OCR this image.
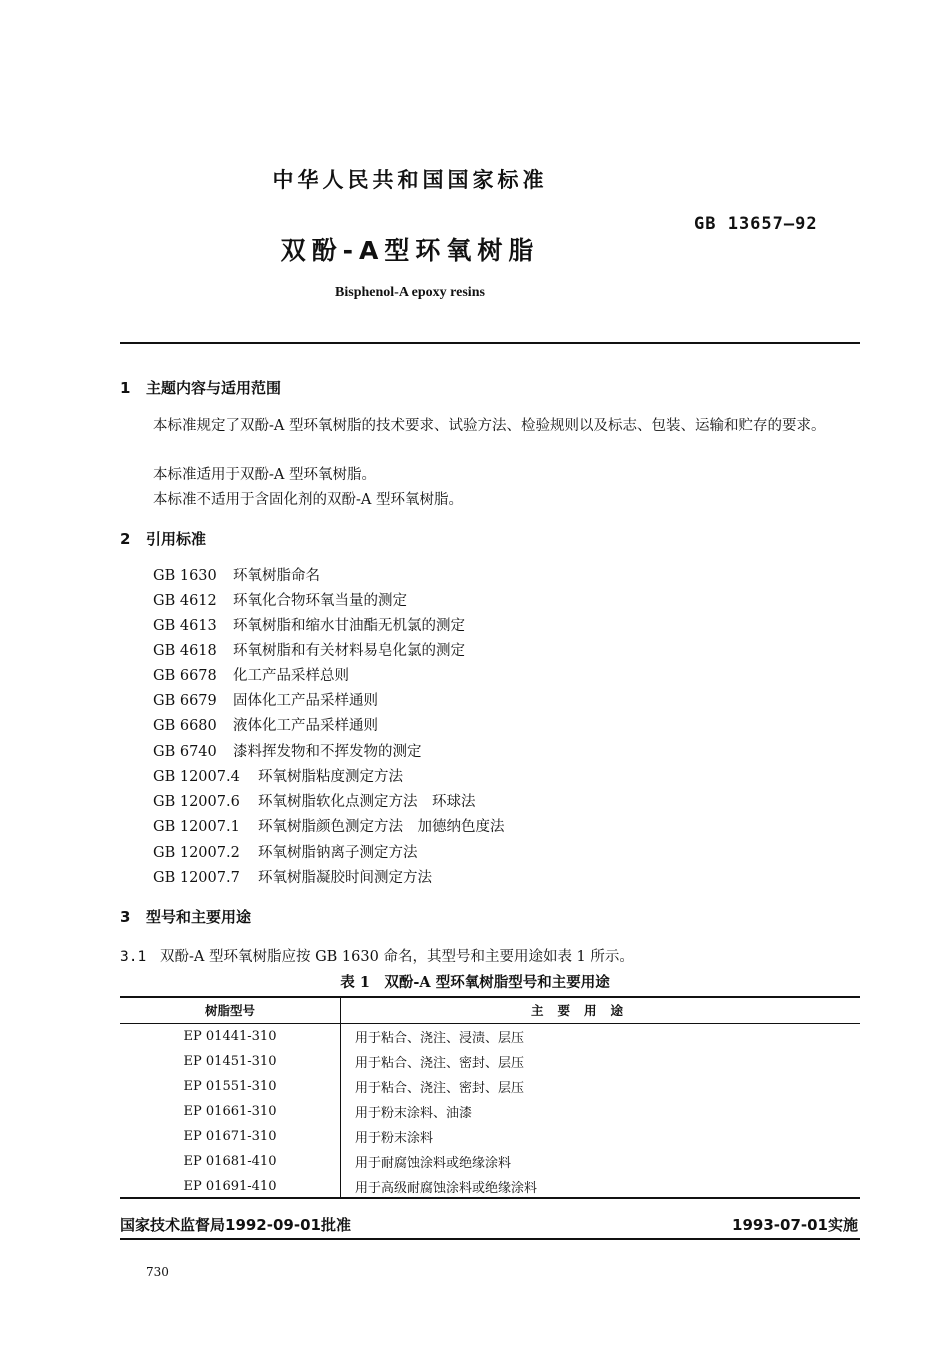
中华人民共和国国家标准
GB 13657—92
双酚-A型环氧树脂
Bisphenol-A epoxy resins
1 主题内容与适用范围
本标准规定了双酚-A 型环氧树脂的技术要求、试验方法、检验规则以及标志、包装、运输和贮存的要求。
本标准适用于双酚-A 型环氧树脂。
本标准不适用于含固化剂的双酚-A 型环氧树脂。
2 引用标准
GB 1630 环氧树脂命名
GB 4612 环氧化合物环氧当量的测定
GB 4613 环氧树脂和缩水甘油酯无机氯的测定
GB 4618 环氧树脂和有关材料易皂化氯的测定
GB 6678 化工产品采样总则
GB 6679 固体化工产品采样通则
GB 6680 液体化工产品采样通则
GB 6740 漆料挥发物和不挥发物的测定
GB 12007.4 环氧树脂粘度测定方法
GB 12007.6 环氧树脂软化点测定方法　环球法
GB 12007.1 环氧树脂颜色测定方法　加德纳色度法
GB 12007.2 环氧树脂钠离子测定方法
GB 12007.7 环氧树脂凝胶时间测定方法
3 型号和主要用途
3.1 双酚-A 型环氧树脂应按 GB 1630 命名，其型号和主要用途如表 1 所示。
表 1　双酚-A 型环氧树脂型号和主要用途
树脂型号	主要用途
EP 01441-310	用于粘合、浇注、浸渍、层压
EP 01451-310	用于粘合、浇注、密封、层压
EP 01551-310	用于粘合、浇注、密封、层压
EP 01661-310	用于粉末涂料、油漆
EP 01671-310	用于粉末涂料
EP 01681-410	用于耐腐蚀涂料或绝缘涂料
EP 01691-410	用于高级耐腐蚀涂料或绝缘涂料
国家技术监督局1992-09-01批准	1993-07-01实施
730
